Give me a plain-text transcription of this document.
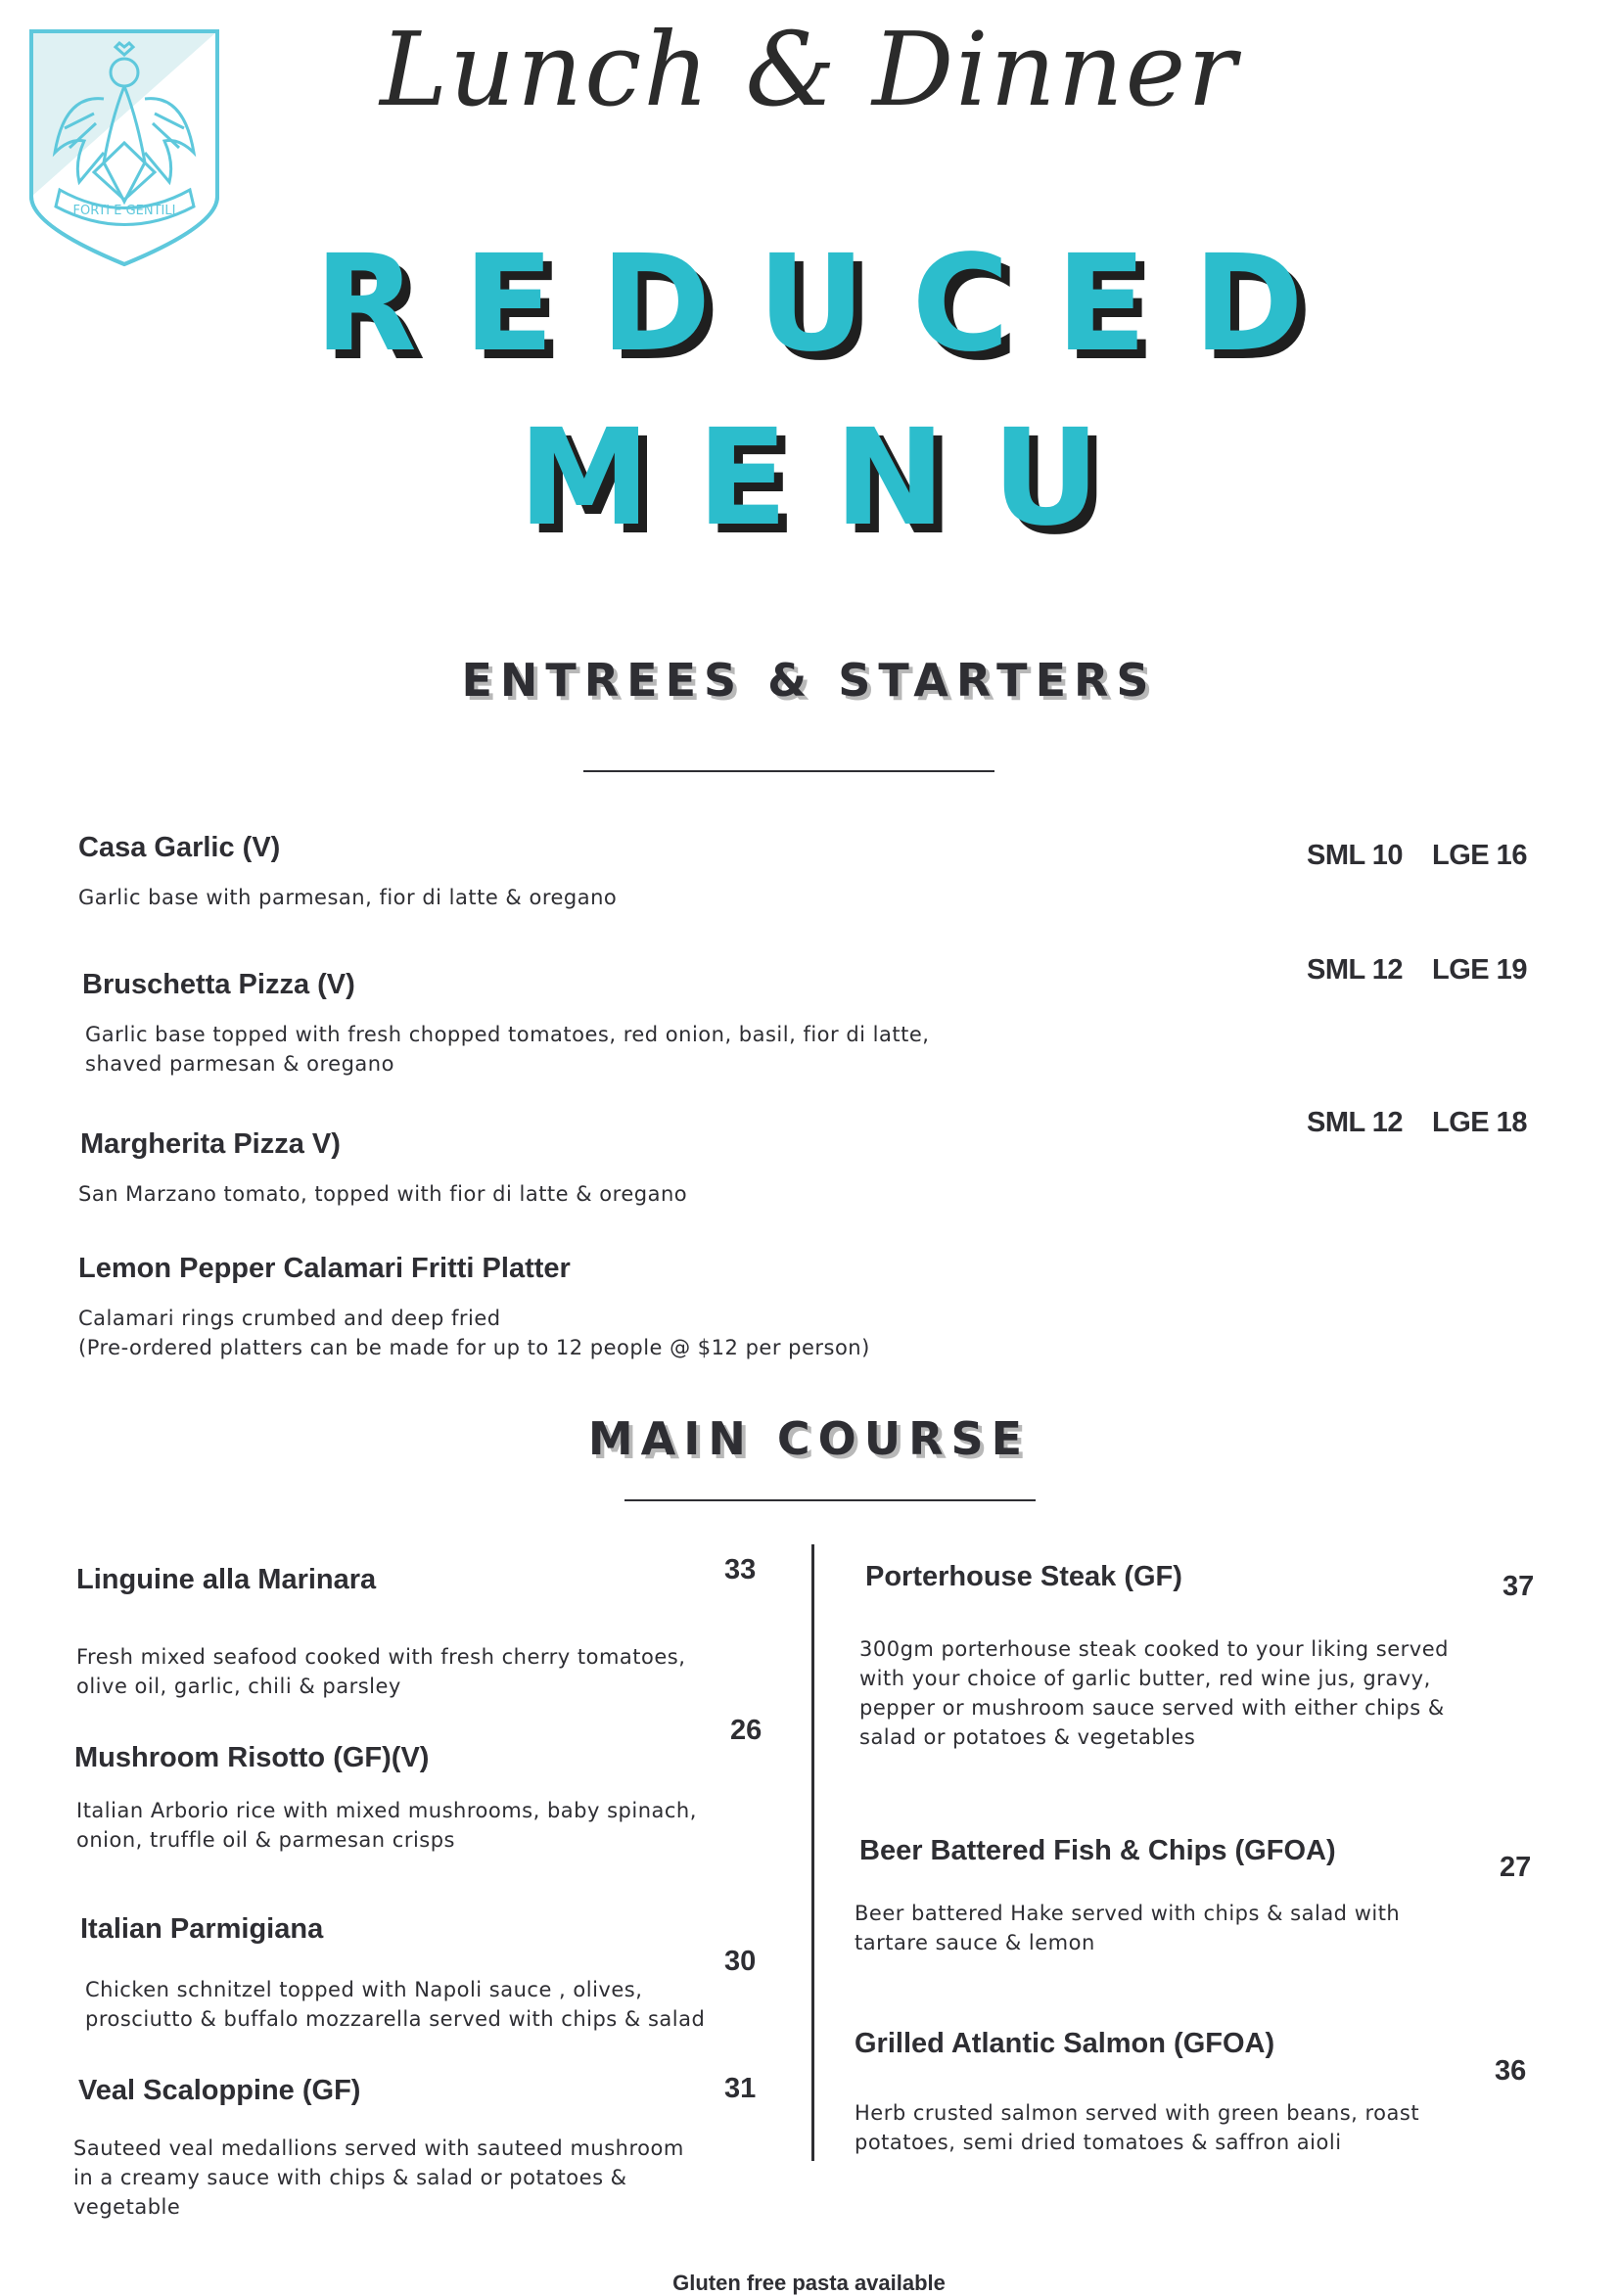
FORTI E GENTILI
Lunch & Dinner
R E D U C E D
M E N U
ENTREES & STARTERS
Casa Garlic (V)
Garlic base with parmesan, fior di latte & oregano
SML 10 LGE 16
Bruschetta Pizza (V)
Garlic base topped with fresh chopped tomatoes, red onion, basil, fior di latte, shaved parmesan & oregano
SML 12 LGE 19
Margherita Pizza V)
San Marzano tomato, topped with fior di latte & oregano
SML 12 LGE 18
Lemon Pepper Calamari Fritti Platter
Calamari rings crumbed and deep fried
(Pre-ordered platters can be made for up to 12 people @ $12 per person)
MAIN COURSE
Linguine alla Marinara	33
Fresh mixed seafood cooked with fresh cherry tomatoes, olive oil, garlic, chili & parsley
Mushroom Risotto (GF)(V)
26
Italian Arborio rice with mixed mushrooms, baby spinach, onion, truffle oil & parmesan crisps
Italian Parmigiana
30
Chicken schnitzel topped with Napoli sauce , olives, prosciutto & buffalo mozzarella served with chips & salad
Veal Scaloppine (GF)	31
Sauteed veal medallions served with sauteed mushroom in a creamy sauce with chips & salad or potatoes & vegetable
Porterhouse Steak (GF)	37
300gm porterhouse steak cooked to your liking served with your choice of garlic butter, red wine jus, gravy, pepper or mushroom sauce served with either chips & salad or potatoes & vegetables
Beer Battered Fish & Chips (GFOA)
27
Beer battered Hake served with chips & salad with tartare sauce & lemon
Grilled Atlantic Salmon (GFOA)
36
Herb crusted salmon served with green beans, roast potatoes, semi dried tomatoes & saffron aioli
Gluten free pasta available
